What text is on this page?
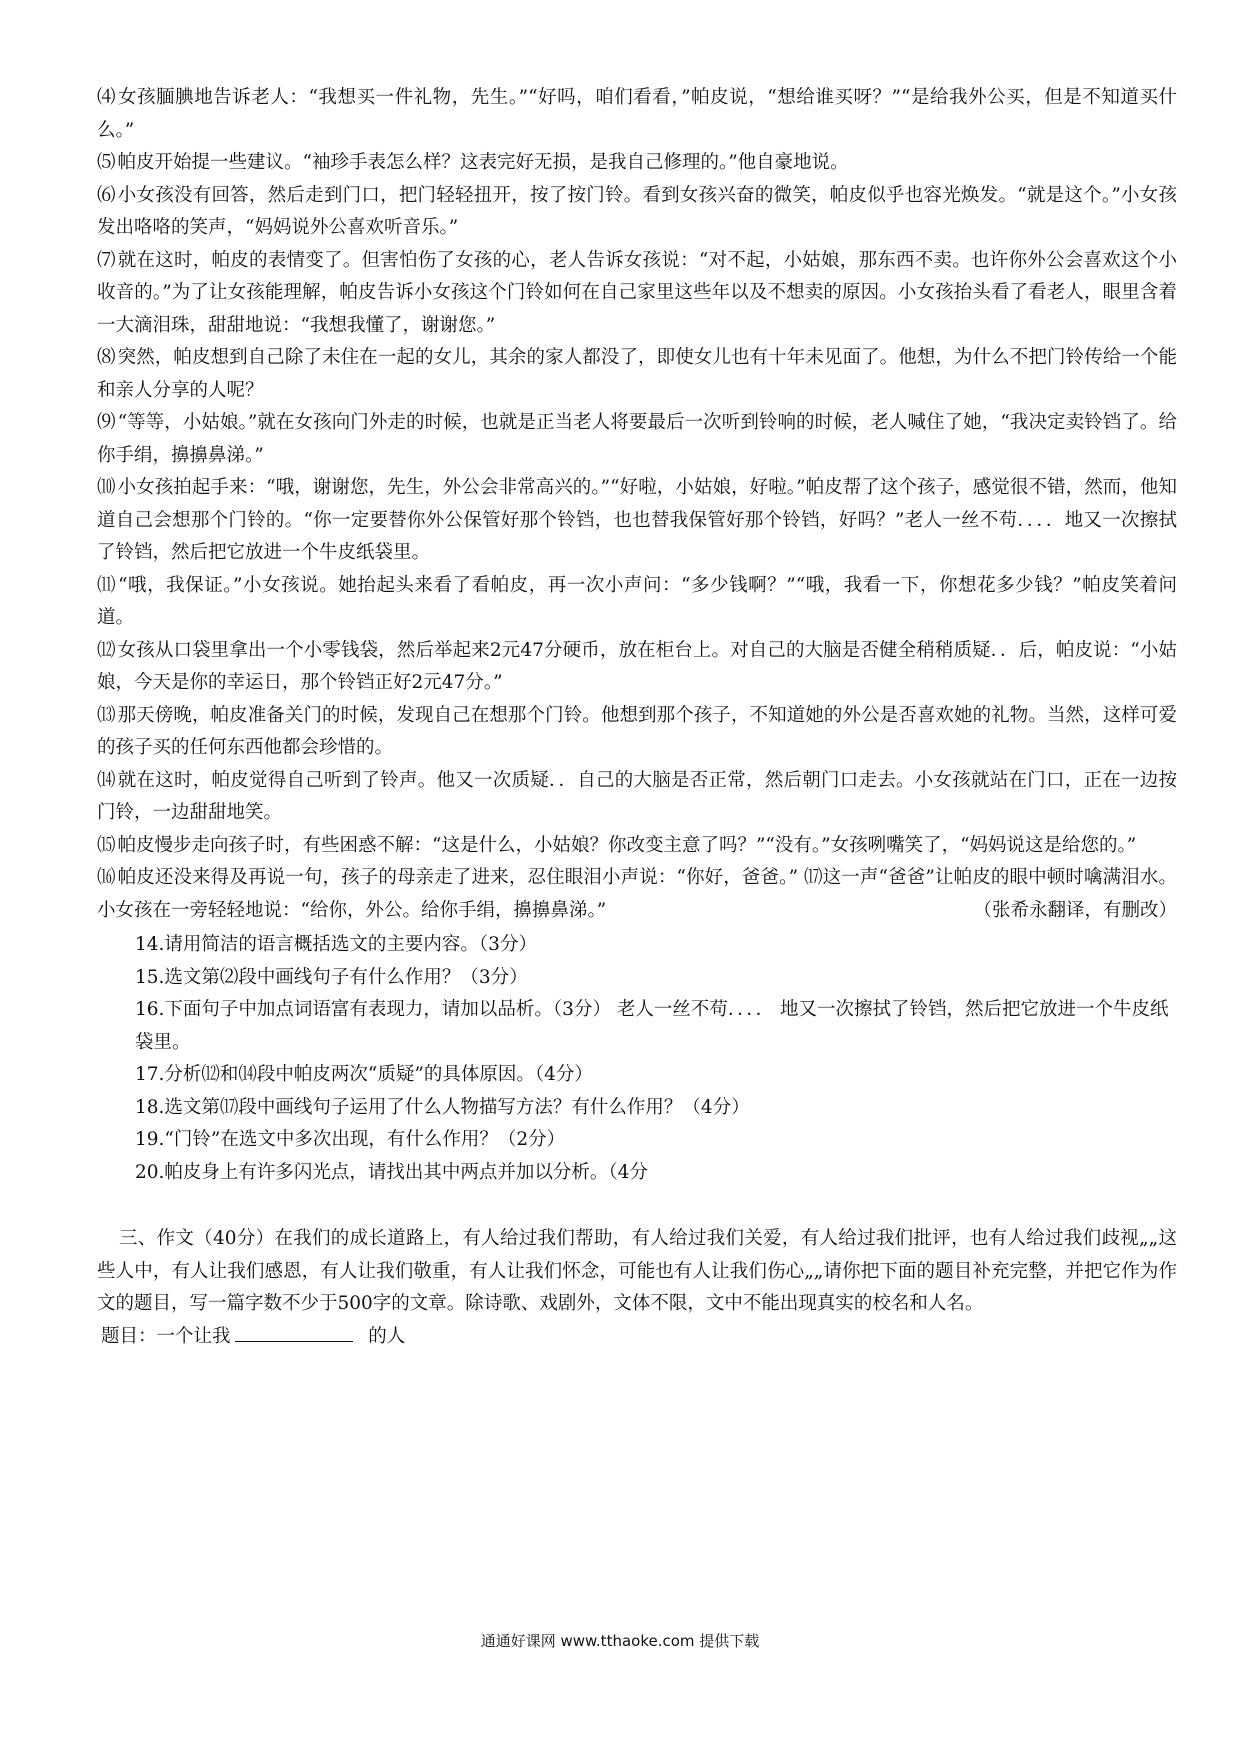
⑷ 女孩腼腆地告诉老人：“我想买一件礼物，先生。”“好吗，咱们看看，”帕皮说，“想给谁买呀？”“是给我外公买，但是不知道买什么。”

⑸ 帕皮开始提一些建议。“袖珍手表怎么样？这表完好无损，是我自己修理的。”他自豪地说。

⑹ 小女孩没有回答，然后走到门口，把门轻轻扭开，按了按门铃。看到女孩兴奋的微笑，帕皮似乎也容光焕发。“就是这个。”小女孩发出咯咯的笑声，“妈妈说外公喜欢听音乐。”

⑺ 就在这时，帕皮的表情变了。但害怕伤了女孩的心，老人告诉女孩说：“对不起，小姑娘，那东西不卖。也许你外公会喜欢这个小收音的。”为了让女孩能理解，帕皮告诉小女孩这个门铃如何在自己家里这些年以及不想卖的原因。小女孩抬头看了看老人，眼里含着一大滴泪珠，甜甜地说：“我想我懂了，谢谢您。”

⑻ 突然，帕皮想到自己除了未住在一起的女儿，其余的家人都没了，即使女儿也有十年未见面了。他想，为什么不把门铃传给一个能和亲人分享的人呢？

⑼ “等等，小姑娘。”就在女孩向门外走的时候，也就是正当老人将要最后一次听到铃响的时候，老人喊住了她，“我决定卖铃铛了。给你手绢，擤擤鼻涕。”

⑽ 小女孩拍起手来：“哦，谢谢您，先生，外公会非常高兴的。”“好啦，小姑娘，好啦。”帕皮帮了这个孩子，感觉很不错，然而，他知道自己会想那个门铃的。“你一定要替你外公保管好那个铃铛，也也替我保管好那个铃铛，好吗？”老人一丝不苟．．．．地又一次擦拭了铃铛，然后把它放进一个牛皮纸袋里。

⑾ “哦，我保证。”小女孩说。她抬起头来看了看帕皮，再一次小声问：“多少钱啊？”“哦，我看一下，你想花多少钱？”帕皮笑着问道。

⑿ 女孩从口袋里拿出一个小零钱袋，然后举起来2元47分硬币，放在柜台上。对自己的大脑是否健全稍稍质疑．．后，帕皮说：“小姑娘，今天是你的幸运日，那个铃铛正好2元47分。”

⒀ 那天傍晚，帕皮准备关门的时候，发现自己在想那个门铃。他想到那个孩子，不知道她的外公是否喜欢她的礼物。当然，这样可爱的孩子买的任何东西他都会珍惜的。

⒁ 就在这时，帕皮觉得自己听到了铃声。他又一次质疑．．自己的大脑是否正常，然后朝门口走去。小女孩就站在门口，正在一边按门铃，一边甜甜地笑。

⒂ 帕皮慢步走向孩子时，有些困惑不解：“这是什么，小姑娘？你改变主意了吗？”“没有。”女孩咧嘴笑了，“妈妈说这是给您的。”

⒃ 帕皮还没来得及再说一句，孩子的母亲走了进来，忍住眼泪小声说：“你好，爸爸。” ⒄这一声“爸爸”让帕皮的眼中顿时噙满泪水。小女孩在一旁轻轻地说：“给你，外公。给你手绢，擤擤鼻涕。”	（张希永翻译，有删改）

14.请用简洁的语言概括选文的主要内容。（3分）

15.选文第⑵段中画线句子有什么作用？（3分）

16.下面句子中加点词语富有表现力，请加以品析。（3分） 老人一丝不苟．．．． 地又一次擦拭了铃铛，然后把它放进一个牛皮纸袋里。

17.分析⑿和⒁段中帕皮两次“质疑”的具体原因。（4分）

18.选文第⒄段中画线句子运用了什么人物描写方法？有什么作用？（4分）

19.“门铃”在选文中多次出现，有什么作用？（2分）

20.帕皮身上有许多闪光点，请找出其中两点并加以分析。（4分

三、作文（40分）在我们的成长道路上，有人给过我们帮助，有人给过我们关爱，有人给过我们批评，也有人给过我们歧视„„这些人中，有人让我们感恩，有人让我们敬重，有人让我们怀念，可能也有人让我们伤心„„请你把下面的题目补充完整，并把它作为作文的题目，写一篇字数不少于500字的文章。除诗歌、戏剧外，文体不限，文中不能出现真实的校名和人名。

题目：一个让我	的人

通通好课网 www.tthaoke.com 提供下载
